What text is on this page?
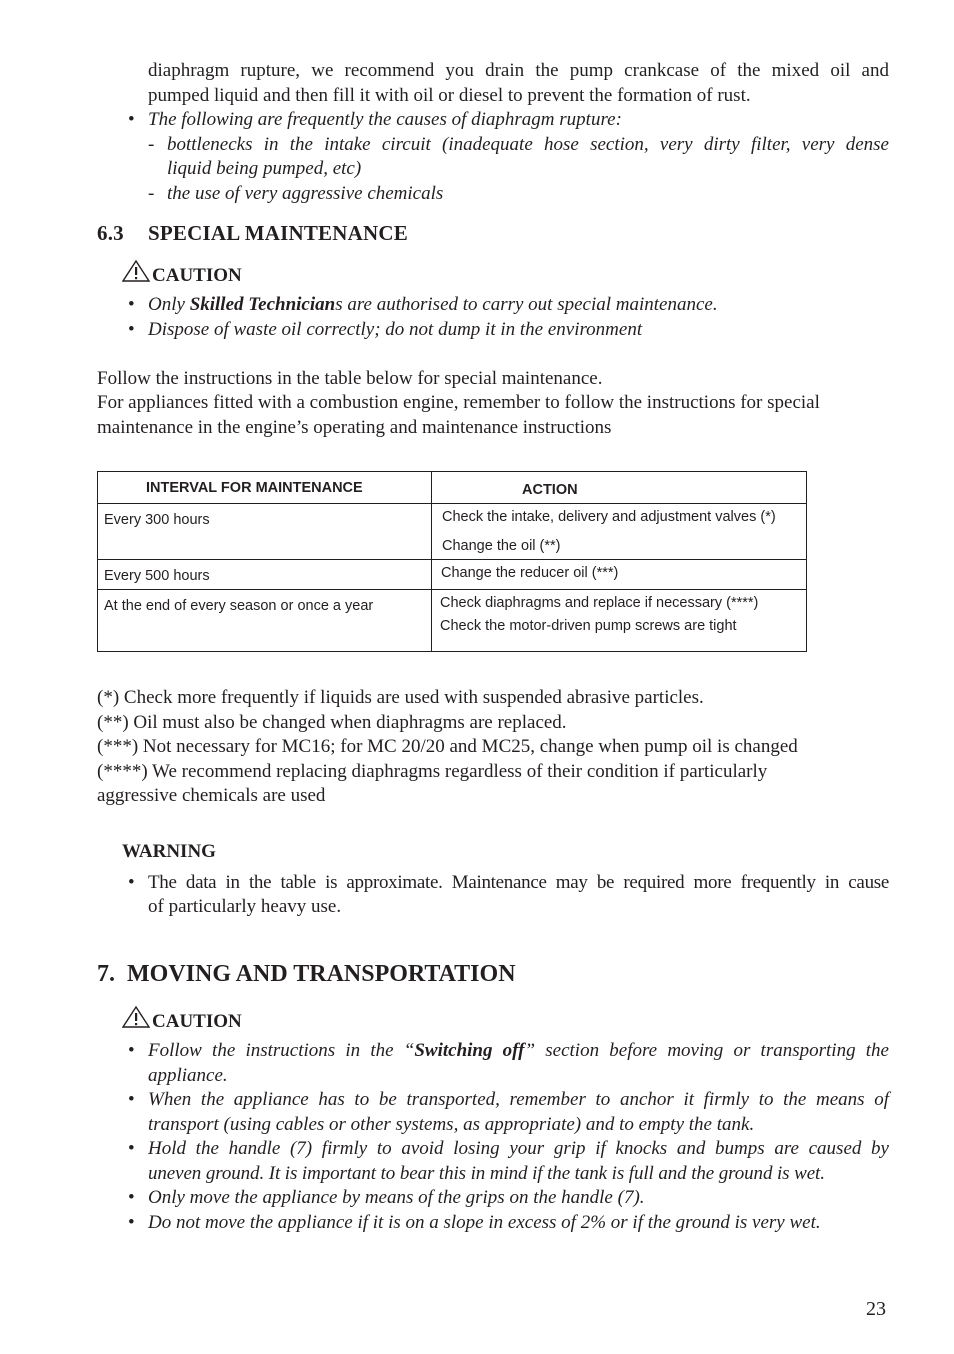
diaphragm rupture, we recommend you drain the pump crankcase of the mixed oil and
pumped liquid and then fill it with oil or diesel to prevent the formation of rust.
• The following are frequently the causes of diaphragm rupture:
- bottlenecks in the intake circuit (inadequate hose section, very dirty filter, very dense
liquid being pumped, etc)
- the use of very aggressive chemicals
6.3 SPECIAL MAINTENANCE
CAUTION
• Only Skilled Technicians are authorised to carry out special maintenance.
• Dispose of waste oil correctly; do not dump it in the environment
Follow the instructions in the table below for special maintenance.
For appliances fitted with a combustion engine, remember to follow the instructions for special
maintenance in the engine’s operating and maintenance instructions
INTERVAL FOR MAINTENANCE	ACTION
Every 300 hours	Check the intake, delivery and adjustment valves (*)
Change the oil (**)

Every 500 hours	Change the reducer oil (***)

At the end of every season or once a year	Check diaphragms and replace if necessary (****)
Check the motor-driven pump screws are tight
(*) Check more frequently if liquids are used with suspended abrasive particles.
(**) Oil must also be changed when diaphragms are replaced.
(***) Not necessary for MC16; for MC 20/20 and MC25, change when pump oil is changed
(****) We recommend replacing diaphragms regardless of their condition if particularly
aggressive chemicals are used
WARNING
• The data in the table is approximate. Maintenance may be required more frequently in cause
of particularly heavy use.
7.  MOVING AND TRANSPORTATION
CAUTION
• Follow the instructions in the “Switching off” section before moving or transporting the
appliance.
• When the appliance has to be transported, remember to anchor it firmly to the means of
transport (using cables or other systems, as appropriate) and to empty the tank.
• Hold the handle (7) firmly to avoid losing your grip if knocks and bumps are caused by
uneven ground. It is important to bear this in mind if the tank is full and the ground is wet.
• Only move the appliance by means of the grips on the handle (7).
• Do not move the appliance if it is on a slope in excess of 2% or if the ground is very wet.
23
